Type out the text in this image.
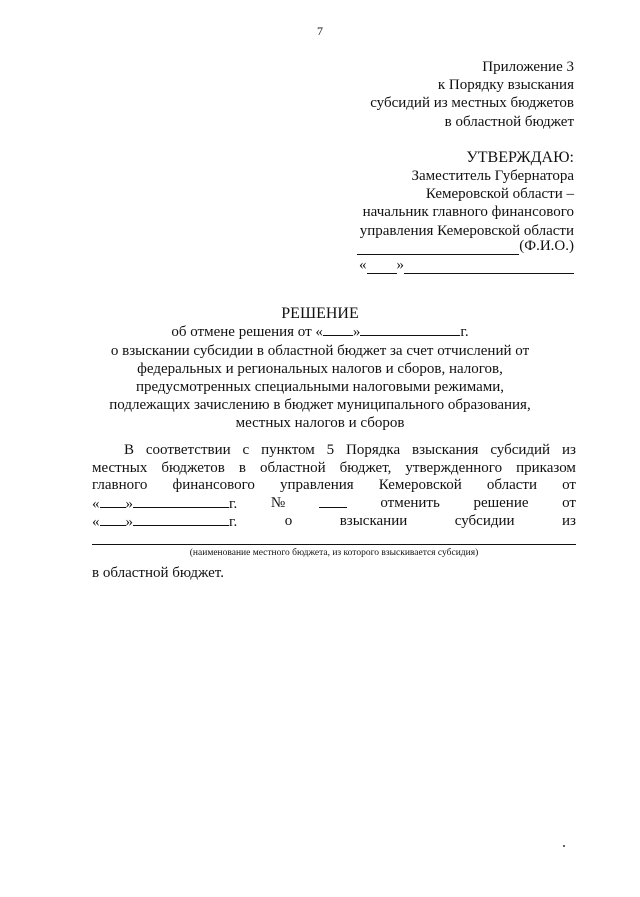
7
Приложение 3
к Порядку взыскания
субсидий из местных бюджетов
в областной бюджет
УТВЕРЖДАЮ:
Заместитель Губернатора
Кемеровской области –
начальник главного финансового
управления Кемеровской области
(Ф.И.О.)
« »
РЕШЕНИЕ
об отмене решения от « »	г.
о взыскании субсидии в областной бюджет за счет отчислений от
федеральных и региональных налогов и сборов, налогов,
предусмотренных специальными налоговыми режимами,
подлежащих зачислению в бюджет муниципального образования,
местных налогов и сборов
В соответствии с пунктом 5 Порядка взыскания субсидий из
местных бюджетов в областной бюджет, утвержденного приказом
главного финансового управления Кемеровской области от
« »	г. №	отменить решение от
« »	г.	о	взыскании	субсидии	из
(наименование местного бюджета, из которого взыскивается субсидия)
в областной бюджет.
